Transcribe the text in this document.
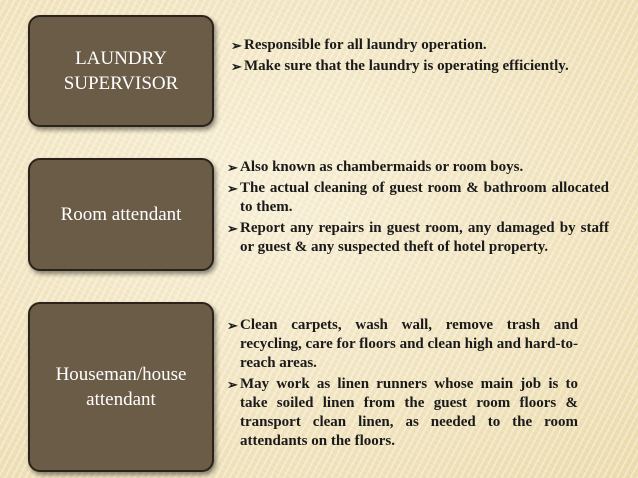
LAUNDRY
SUPERVISOR
➢ Responsible for all laundry operation.
➢ Make sure that the laundry is operating efficiently.
Room attendant
➢ Also known as chambermaids or room boys.
➢ The actual cleaning of guest room & bathroom allocated to them.
➢ Report any repairs in guest room, any damaged by staff or guest & any suspected theft of hotel property.
Houseman/house
attendant
➢ Clean carpets, wash wall, remove trash and recycling, care for floors and clean high and hard-to-reach areas.
➢ May work as linen runners whose main job is to take soiled linen from the guest room floors & transport clean linen, as needed to the room attendants on the floors.
